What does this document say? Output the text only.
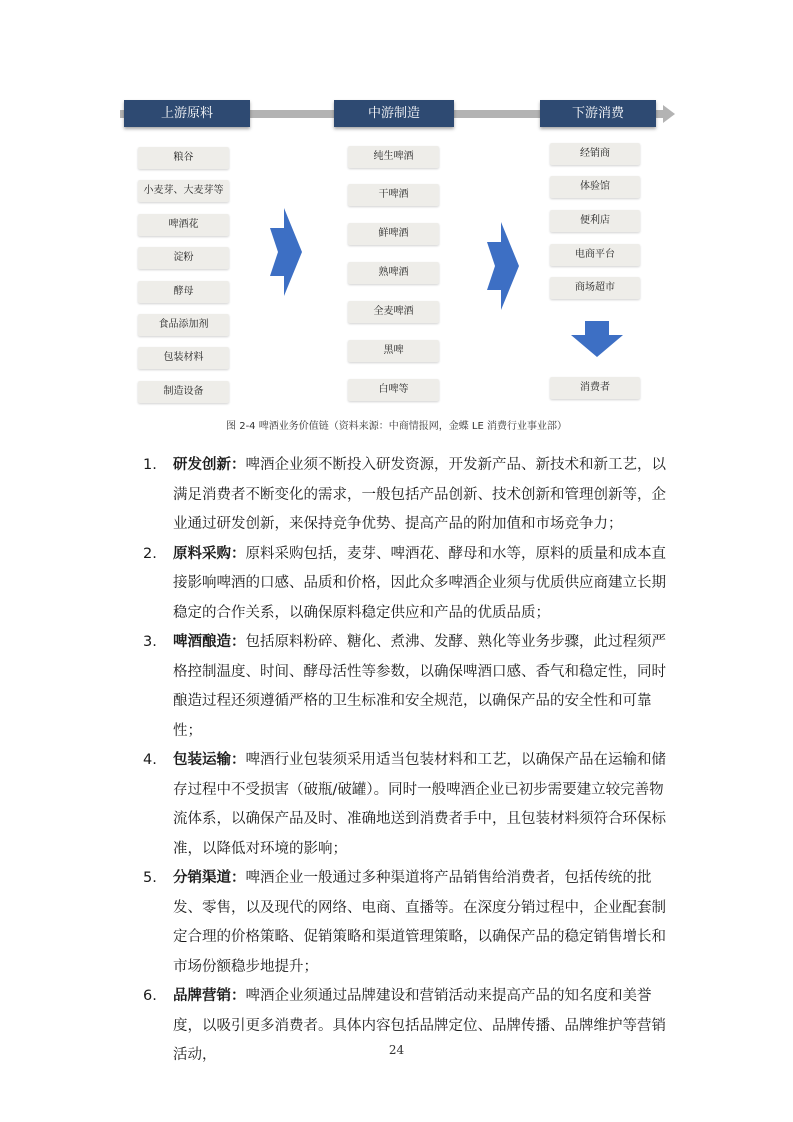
上游原料	中游制造	下游消费
粮谷
小麦芽、大麦芽等
啤酒花
淀粉
酵母
食品添加剂
包装材料
制造设备
纯生啤酒
干啤酒
鲜啤酒
熟啤酒
全麦啤酒
黑啤
白啤等
经销商
体验馆
便利店
电商平台
商场超市
消费者
图 2-4 啤酒业务价值链（资料来源：中商情报网，金蝶 LE 消费行业事业部）
1. 研发创新：啤酒企业须不断投入研发资源，开发新产品、新技术和新工艺，以满足消费者不断变化的需求，一般包括产品创新、技术创新和管理创新等，企业通过研发创新，来保持竞争优势、提高产品的附加值和市场竞争力；
2. 原料采购：原料采购包括，麦芽、啤酒花、酵母和水等，原料的质量和成本直接影响啤酒的口感、品质和价格，因此众多啤酒企业须与优质供应商建立长期稳定的合作关系，以确保原料稳定供应和产品的优质品质；
3. 啤酒酿造：包括原料粉碎、糖化、煮沸、发酵、熟化等业务步骤，此过程须严格控制温度、时间、酵母活性等参数，以确保啤酒口感、香气和稳定性，同时酿造过程还须遵循严格的卫生标准和安全规范，以确保产品的安全性和可靠性；
4. 包装运输：啤酒行业包装须采用适当包装材料和工艺，以确保产品在运输和储存过程中不受损害（破瓶/破罐）。同时一般啤酒企业已初步需要建立较完善物流体系，以确保产品及时、准确地送到消费者手中，且包装材料须符合环保标准，以降低对环境的影响；
5. 分销渠道：啤酒企业一般通过多种渠道将产品销售给消费者，包括传统的批发、零售，以及现代的网络、电商、直播等。在深度分销过程中，企业配套制定合理的价格策略、促销策略和渠道管理策略，以确保产品的稳定销售增长和市场份额稳步地提升；
6. 品牌营销：啤酒企业须通过品牌建设和营销活动来提高产品的知名度和美誉度，以吸引更多消费者。具体内容包括品牌定位、品牌传播、品牌维护等营销活动，	24
